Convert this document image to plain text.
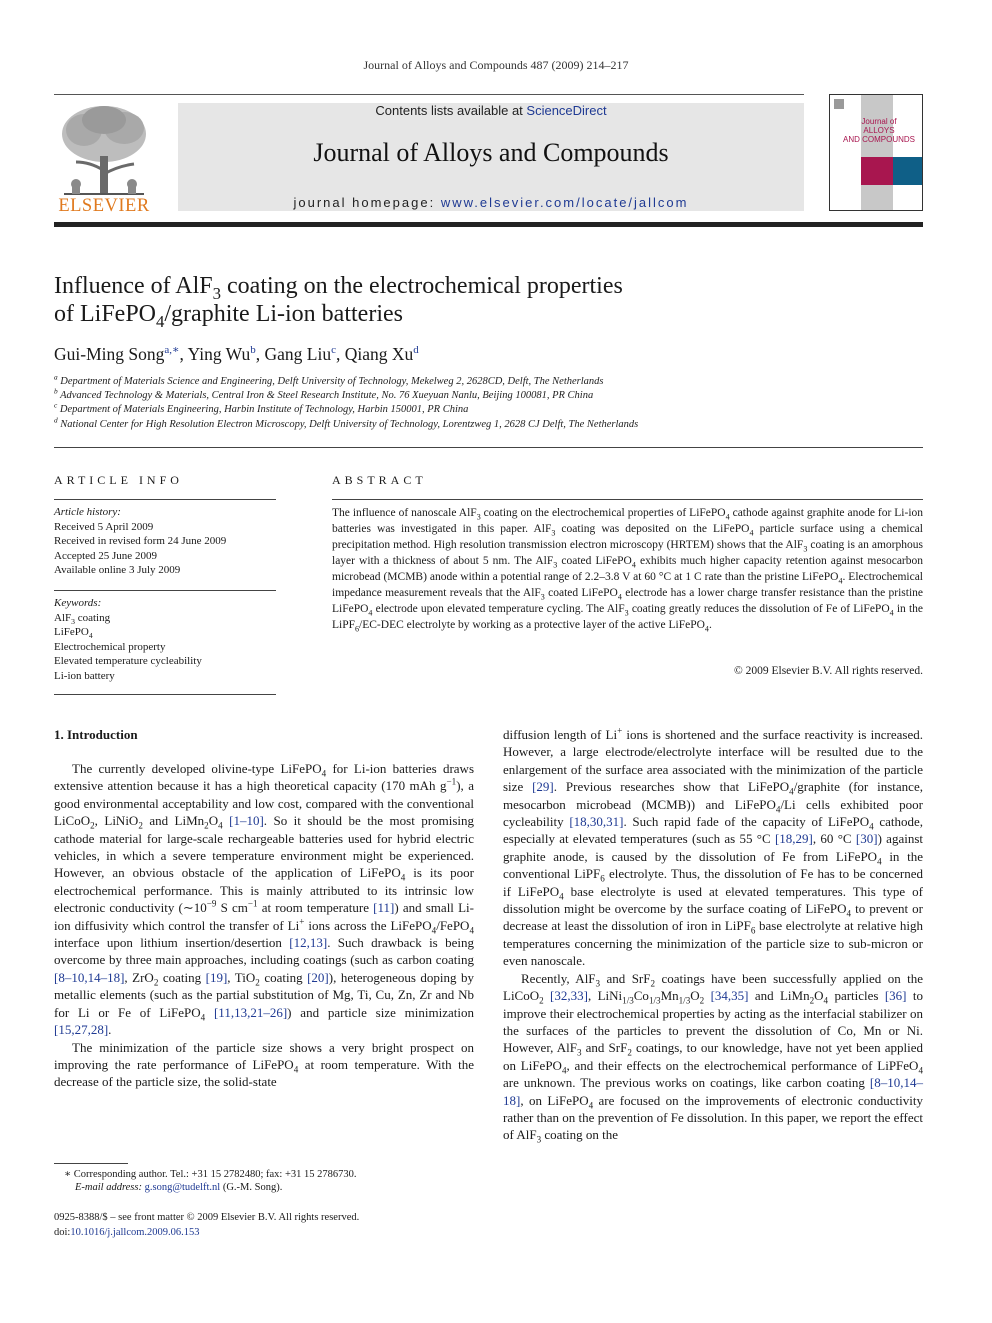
Journal of Alloys and Compounds 487 (2009) 214–217
ELSEVIER
Contents lists available at ScienceDirect
Journal of Alloys and Compounds
journal homepage: www.elsevier.com/locate/jallcom
Journal of
ALLOYS
AND COMPOUNDS
Influence of AlF$_3$ coating on the electrochemical properties
of LiFePO$_4$/graphite Li-ion batteries
Gui-Ming Song$^{a,∗}$, Ying Wu$^b$, Gang Liu$^c$, Qiang Xu$^d$
$^a$ Department of Materials Science and Engineering, Delft University of Technology, Mekelweg 2, 2628CD, Delft, The Netherlands
$^b$ Advanced Technology & Materials, Central Iron & Steel Research Institute, No. 76 Xueyuan Nanlu, Beijing 100081, PR China
$^c$ Department of Materials Engineering, Harbin Institute of Technology, Harbin 150001, PR China
$^d$ National Center for High Resolution Electron Microscopy, Delft University of Technology, Lorentzweg 1, 2628 CJ Delft, The Netherlands
ARTICLE INFO
Article history:
Received 5 April 2009
Received in revised form 24 June 2009
Accepted 25 June 2009
Available online 3 July 2009
Keywords:
AlF$_3$ coating
LiFePO$_4$
Electrochemical property
Elevated temperature cycleability
Li-ion battery
ABSTRACT
The influence of nanoscale AlF$_3$ coating on the electrochemical properties of LiFePO$_4$ cathode against graphite anode for Li-ion batteries was investigated in this paper. AlF$_3$ coating was deposited on the LiFePO$_4$ particle surface using a chemical precipitation method. High resolution transmission electron microscopy (HRTEM) shows that the AlF$_3$ coating is an amorphous layer with a thickness of about 5 nm. The AlF$_3$ coated LiFePO$_4$ exhibits much higher capacity retention against mesocarbon microbead (MCMB) anode within a potential range of 2.2–3.8 V at 60 °C at 1 C rate than the pristine LiFePO$_4$. Electrochemical impedance measurement reveals that the AlF$_3$ coated LiFePO$_4$ electrode has a lower charge transfer resistance than the pristine LiFePO$_4$ electrode upon elevated temperature cycling. The AlF$_3$ coating greatly reduces the dissolution of Fe of LiFePO$_4$ in the LiPF$_6$/EC-DEC electrolyte by working as a protective layer of the active LiFePO$_4$.
© 2009 Elsevier B.V. All rights reserved.
1. Introduction

The currently developed olivine-type LiFePO$_4$ for Li-ion batteries draws extensive attention because it has a high theoretical capacity (170 mAh $g^{-1}$), a good environmental acceptability and low cost, compared with the conventional LiCoO$_2$, LiNiO$_2$ and $LiMn_2O_4$ [1–10]. So it should be the most promising cathode material for large-scale rechargeable batteries used for hybrid electric vehicles, in which a severe temperature environment might be experienced. However, an obvious obstacle of the application of LiFePO$_4$ is its poor electrochemical performance. This is mainly attributed to its intrinsic low electronic conductivity ($\sim 10^{-9}$ S $cm^{-1}$ at room temperature [11]) and small Li-ion diffusivity which control the transfer of Li+ ions across the LiFePO$_4$/FePO$_4$ interface upon lithium insertion/desertion [12,13]. Such drawback is being overcome by three main approaches, including coatings (such as carbon coating [8–10,14–18], ZrO$_2$ coating [19], TiO$_2$ coating [20]), heterogeneous doping by metallic elements (such as the partial substitution of Mg, Ti, Cu, Zn, Zr and Nb for Li or Fe of LiFePO$_4$ [11,13,21–26]) and particle size minimization [15,27,28].

The minimization of the particle size shows a very bright prospect on improving the rate performance of LiFePO$_4$ at room temperature. With the decrease of the particle size, the solid-state

diffusion length of Li+ ions is shortened and the surface reactivity is increased. However, a large electrode/electrolyte interface will be resulted due to the enlargement of the surface area associated with the minimization of the particle size [29]. Previous researches show that LiFePO$_4$/graphite (for instance, mesocarbon microbead (MCMB)) and LiFePO$_4$/Li cells exhibited poor cycleability [18,30,31]. Such rapid fade of the capacity of LiFePO$_4$ cathode, especially at elevated temperatures (such as 55 °C [18,29], 60 °C [30]) against graphite anode, is caused by the dissolution of Fe from LiFePO$_4$ in the conventional LiPF$_6$ electrolyte. Thus, the dissolution of Fe has to be concerned if LiFePO$_4$ base electrolyte is used at elevated temperatures. This type of dissolution might be overcome by the surface coating of LiFePO$_4$ to prevent or decrease at least the dissolution of iron in LiPF$_6$ base electrolyte at relative high temperatures concerning the minimization of the particle size to sub-micron or even nanoscale.

Recently, AlF$_3$ and SrF$_2$ coatings have been successfully applied on the LiCoO$_2$ [32,33], $LiNi_{1/3}Co_{1/3}Mn_{1/3}O_2$ [34,35] and $LiMn_2O_4$ particles [36] to improve their electrochemical properties by acting as the interfacial stabilizer on the surfaces of the particles to prevent the dissolution of Co, Mn or Ni. However, AlF$_3$ and SrF$_2$ coatings, to our knowledge, have not yet been applied on LiFePO$_4$, and their effects on the electrochemical performance of LiPFeO$_4$ are unknown. The previous works on coatings, like carbon coating [8–10,14–18], on LiFePO$_4$ are focused on the improvements of electronic conductivity rather than on the prevention of Fe dissolution. In this paper, we report the effect of AlF$_3$ coating on the

∗ Corresponding author. Tel.: +31 15 2782480; fax: +31 15 2786730.
E-mail address: g.song@tudelft.nl (G.-M. Song).
0925-8388/$ – see front matter © 2009 Elsevier B.V. All rights reserved.
doi:10.1016/j.jallcom.2009.06.153
